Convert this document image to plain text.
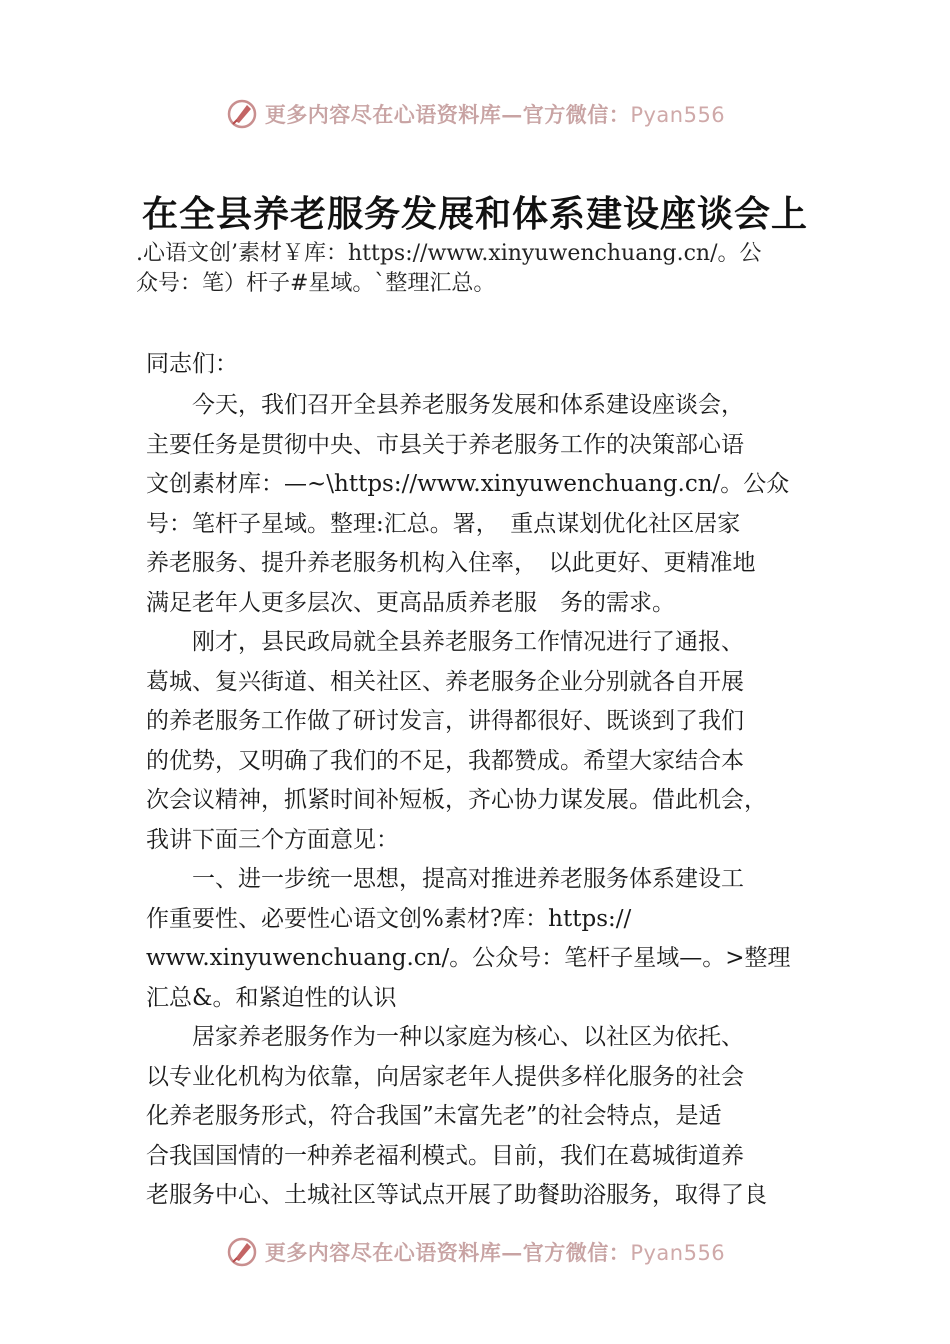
更多内容尽在心语资料库—官方微信：Pyan556
在全县养老服务发展和体系建设座谈会上
.心语文创’素材￥库：https://www.xinyuwenchuang.cn/。公
众号：笔）杆子#星域。`整理汇总。
同志们：
　　今天，我们召开全县养老服务发展和体系建设座谈会，
主要任务是贯彻中央、市县关于养老服务工作的决策部心语
文创素材库：—~\https://www.xinyuwenchuang.cn/。公众
号：笔杆子星域。整理:汇总。署，　重点谋划优化社区居家
养老服务、提升养老服务机构入住率，　以此更好、更精准地
满足老年人更多层次、更高品质养老服　务的需求。
　　刚才，县民政局就全县养老服务工作情况进行了通报、
葛城、复兴街道、相关社区、养老服务企业分别就各自开展
的养老服务工作做了研讨发言，讲得都很好、既谈到了我们
的优势，又明确了我们的不足，我都赞成。希望大家结合本
次会议精神，抓紧时间补短板，齐心协力谋发展。借此机会，
我讲下面三个方面意见：
　　一、进一步统一思想，提高对推进养老服务体系建设工
作重要性、必要性心语文创%素材?库：https://
www.xinyuwenchuang.cn/。公众号：笔杆子星域—。>整理
汇总&。和紧迫性的认识
　　居家养老服务作为一种以家庭为核心、以社区为依托、
以专业化机构为依靠，向居家老年人提供多样化服务的社会
化养老服务形式，符合我国”未富先老”的社会特点，是适
合我国国情的一种养老福利模式。目前，我们在葛城街道养
老服务中心、土城社区等试点开展了助餐助浴服务，取得了良
更多内容尽在心语资料库—官方微信：Pyan556
